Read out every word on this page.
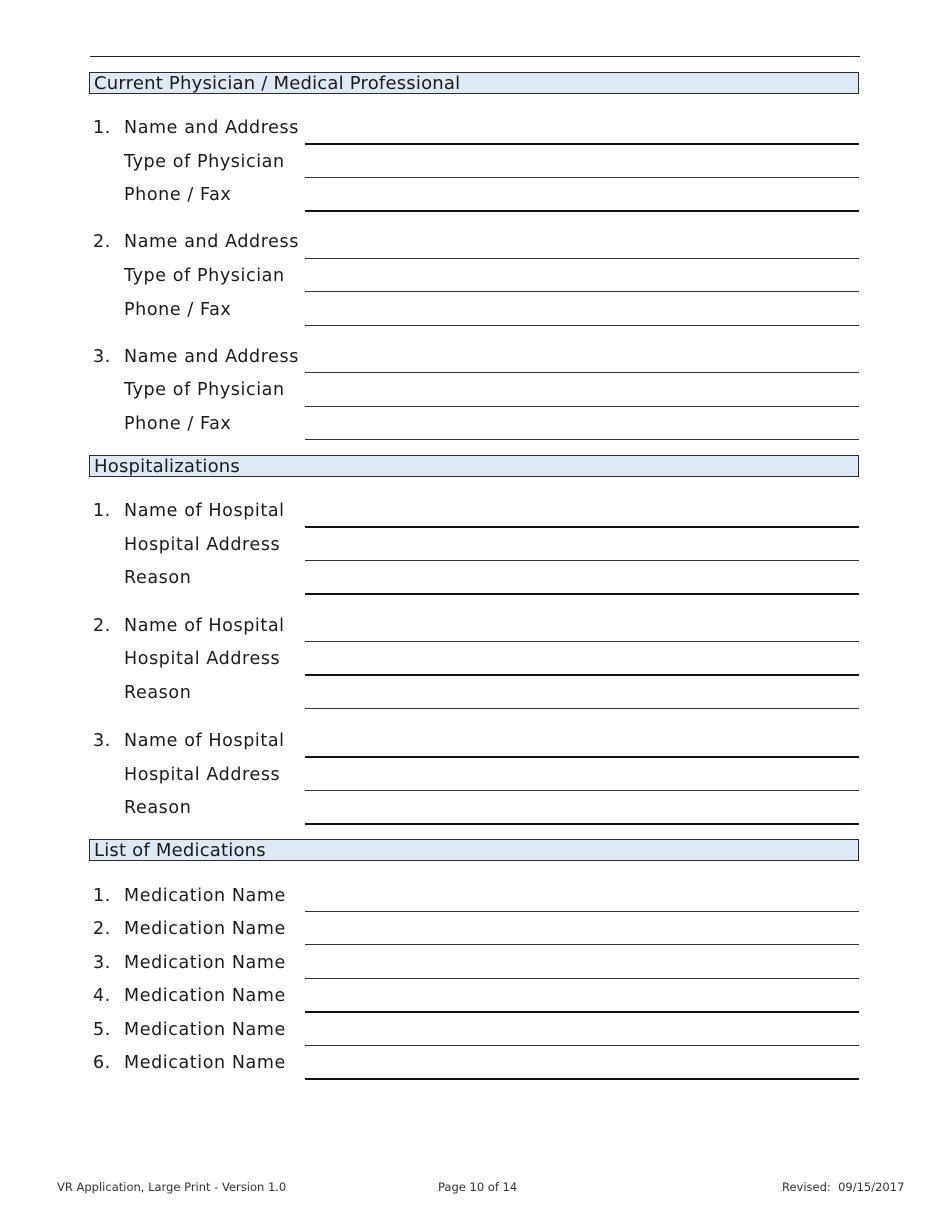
Current Physician / Medical Professional
1. Name and Address
Type of Physician
Phone / Fax
2. Name and Address
Type of Physician
Phone / Fax
3. Name and Address
Type of Physician
Phone / Fax
Hospitalizations
1. Name of Hospital
Hospital Address
Reason
2. Name of Hospital
Hospital Address
Reason
3. Name of Hospital
Hospital Address
Reason
List of Medications
1. Medication Name
2. Medication Name
3. Medication Name
4. Medication Name
5. Medication Name
6. Medication Name
VR Application, Large Print - Version 1.0	Page 10 of 14	Revised:  09/15/2017
